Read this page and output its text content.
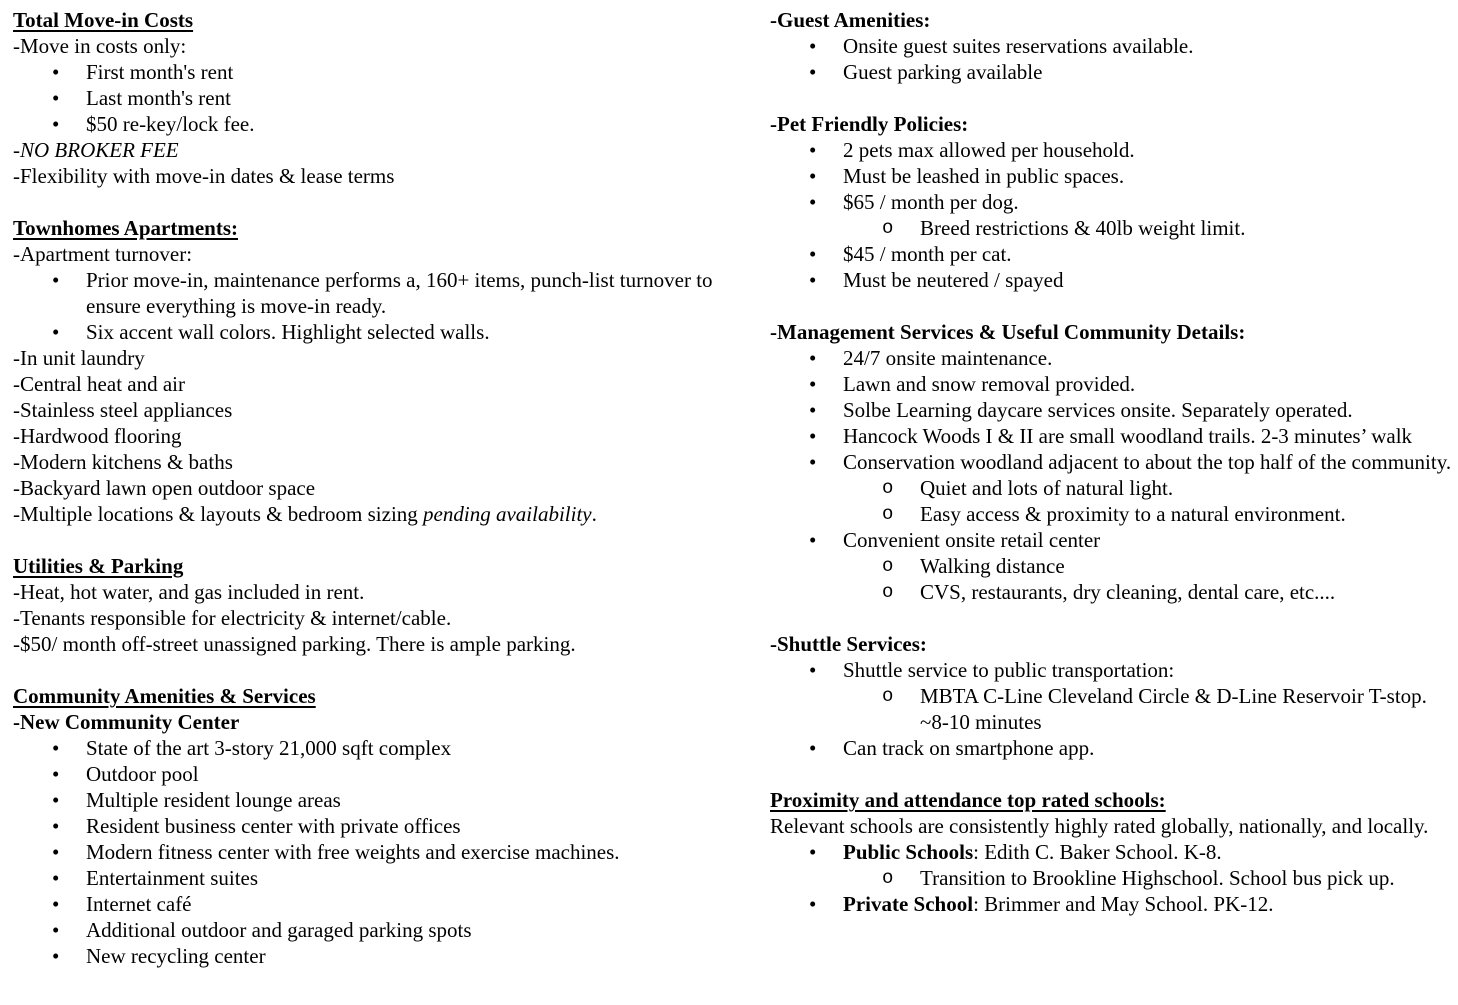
Total Move-in Costs
-Move in costs only:
• First month's rent
• Last month's rent
• $50 re-key/lock fee.
-NO BROKER FEE
-Flexibility with move-in dates & lease terms
Townhomes Apartments:
-Apartment turnover:
• Prior move-in, maintenance performs a, 160+ items, punch-list turnover to ensure everything is move-in ready.
• Six accent wall colors. Highlight selected walls.
-In unit laundry
-Central heat and air
-Stainless steel appliances
-Hardwood flooring
-Modern kitchens & baths
-Backyard lawn open outdoor space
-Multiple locations & layouts & bedroom sizing pending availability.
Utilities & Parking
-Heat, hot water, and gas included in rent.
-Tenants responsible for electricity & internet/cable.
-$50/ month off-street unassigned parking. There is ample parking.
Community Amenities & Services
-New Community Center
• State of the art 3-story 21,000 sqft complex
• Outdoor pool
• Multiple resident lounge areas
• Resident business center with private offices
• Modern fitness center with free weights and exercise machines.
• Entertainment suites
• Internet café
• Additional outdoor and garaged parking spots
• New recycling center
-Guest Amenities:
• Onsite guest suites reservations available.
• Guest parking available
-Pet Friendly Policies:
• 2 pets max allowed per household.
• Must be leashed in public spaces.
• $65 / month per dog.
o Breed restrictions & 40lb weight limit.
• $45 / month per cat.
• Must be neutered / spayed
-Management Services & Useful Community Details:
• 24/7 onsite maintenance.
• Lawn and snow removal provided.
• Solbe Learning daycare services onsite. Separately operated.
• Hancock Woods I & II are small woodland trails. 2-3 minutes’ walk
• Conservation woodland adjacent to about the top half of the community.
o Quiet and lots of natural light.
o Easy access & proximity to a natural environment.
• Convenient onsite retail center
o Walking distance
o CVS, restaurants, dry cleaning, dental care, etc....
-Shuttle Services:
• Shuttle service to public transportation:
o MBTA C-Line Cleveland Circle & D-Line Reservoir T-stop. ~8-10 minutes
• Can track on smartphone app.
Proximity and attendance top rated schools:
Relevant schools are consistently highly rated globally, nationally, and locally.
• Public Schools: Edith C. Baker School. K-8.
o Transition to Brookline Highschool. School bus pick up.
• Private School: Brimmer and May School. PK-12.
